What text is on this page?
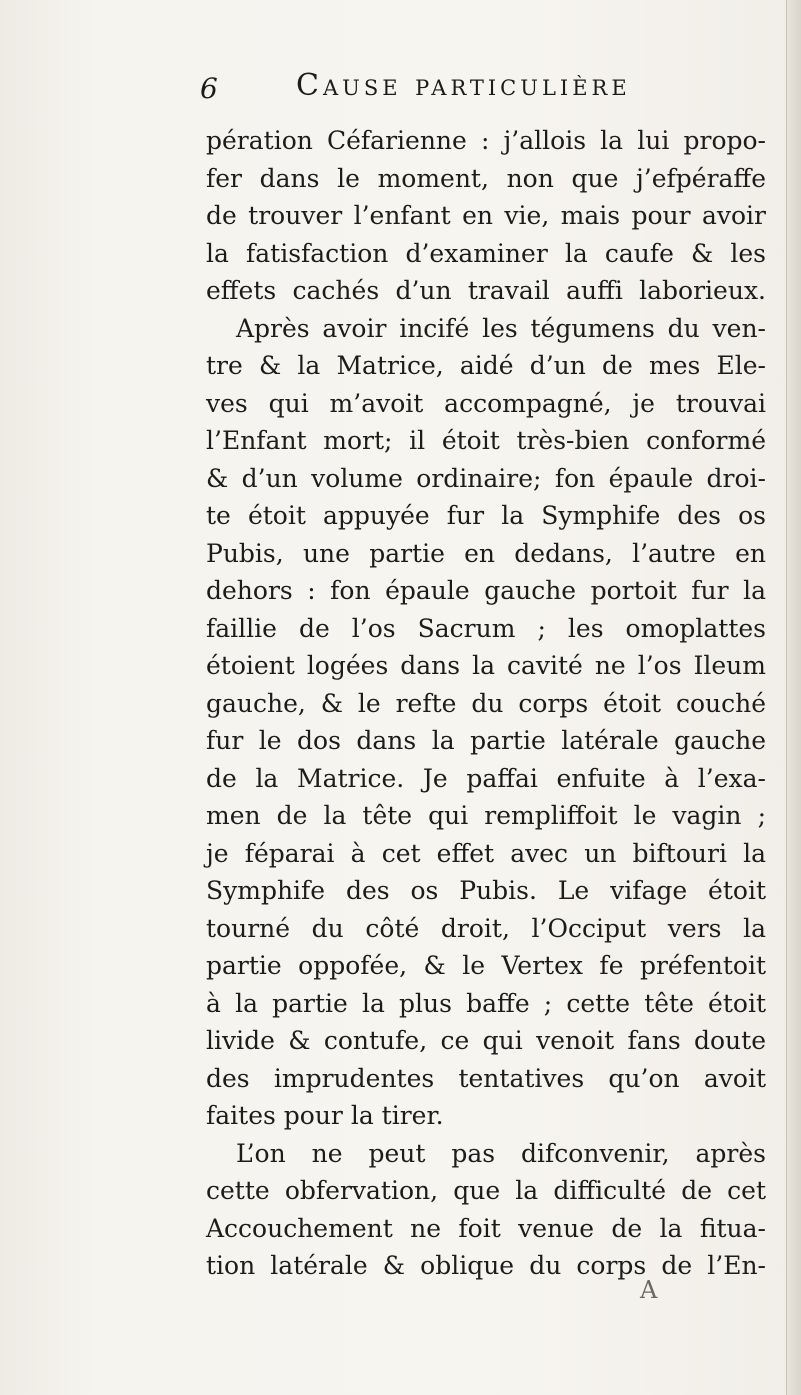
6	Cause particulière
pération Céfarienne : j’allois la lui propo-
fer dans le moment, non que j’efpéraffe
de trouver l’enfant en vie, mais pour avoir
la fatisfaction d’examiner la caufe & les
effets cachés d’un travail auffi laborieux.
Après avoir incifé les tégumens du ven-
tre & la Matrice, aidé d’un de mes Ele-
ves qui m’avoit accompagné, je trouvai
l’Enfant mort; il étoit très-bien conformé
& d’un volume ordinaire; fon épaule droi-
te étoit appuyée fur la Symphife des os
Pubis, une partie en dedans, l’autre en
dehors : fon épaule gauche portoit fur la
faillie de l’os Sacrum ; les omoplattes
étoient logées dans la cavité ne l’os Ileum
gauche, & le refte du corps étoit couché
fur le dos dans la partie latérale gauche
de la Matrice. Je paffai enfuite à l’exa-
men de la tête qui rempliffoit le vagin ;
je féparai à cet effet avec un biftouri la
Symphife des os Pubis. Le vifage étoit
tourné du côté droit, l’Occiput vers la
partie oppofée, & le Vertex fe préfentoit
à la partie la plus baffe ; cette tête étoit
livide & contufe, ce qui venoit fans doute
des imprudentes tentatives qu’on avoit
faites pour la tirer.
L’on ne peut pas difconvenir, après
cette obfervation, que la difficulté de cet
Accouchement ne foit venue de la fitua-
tion latérale & oblique du corps de l’En-
A
